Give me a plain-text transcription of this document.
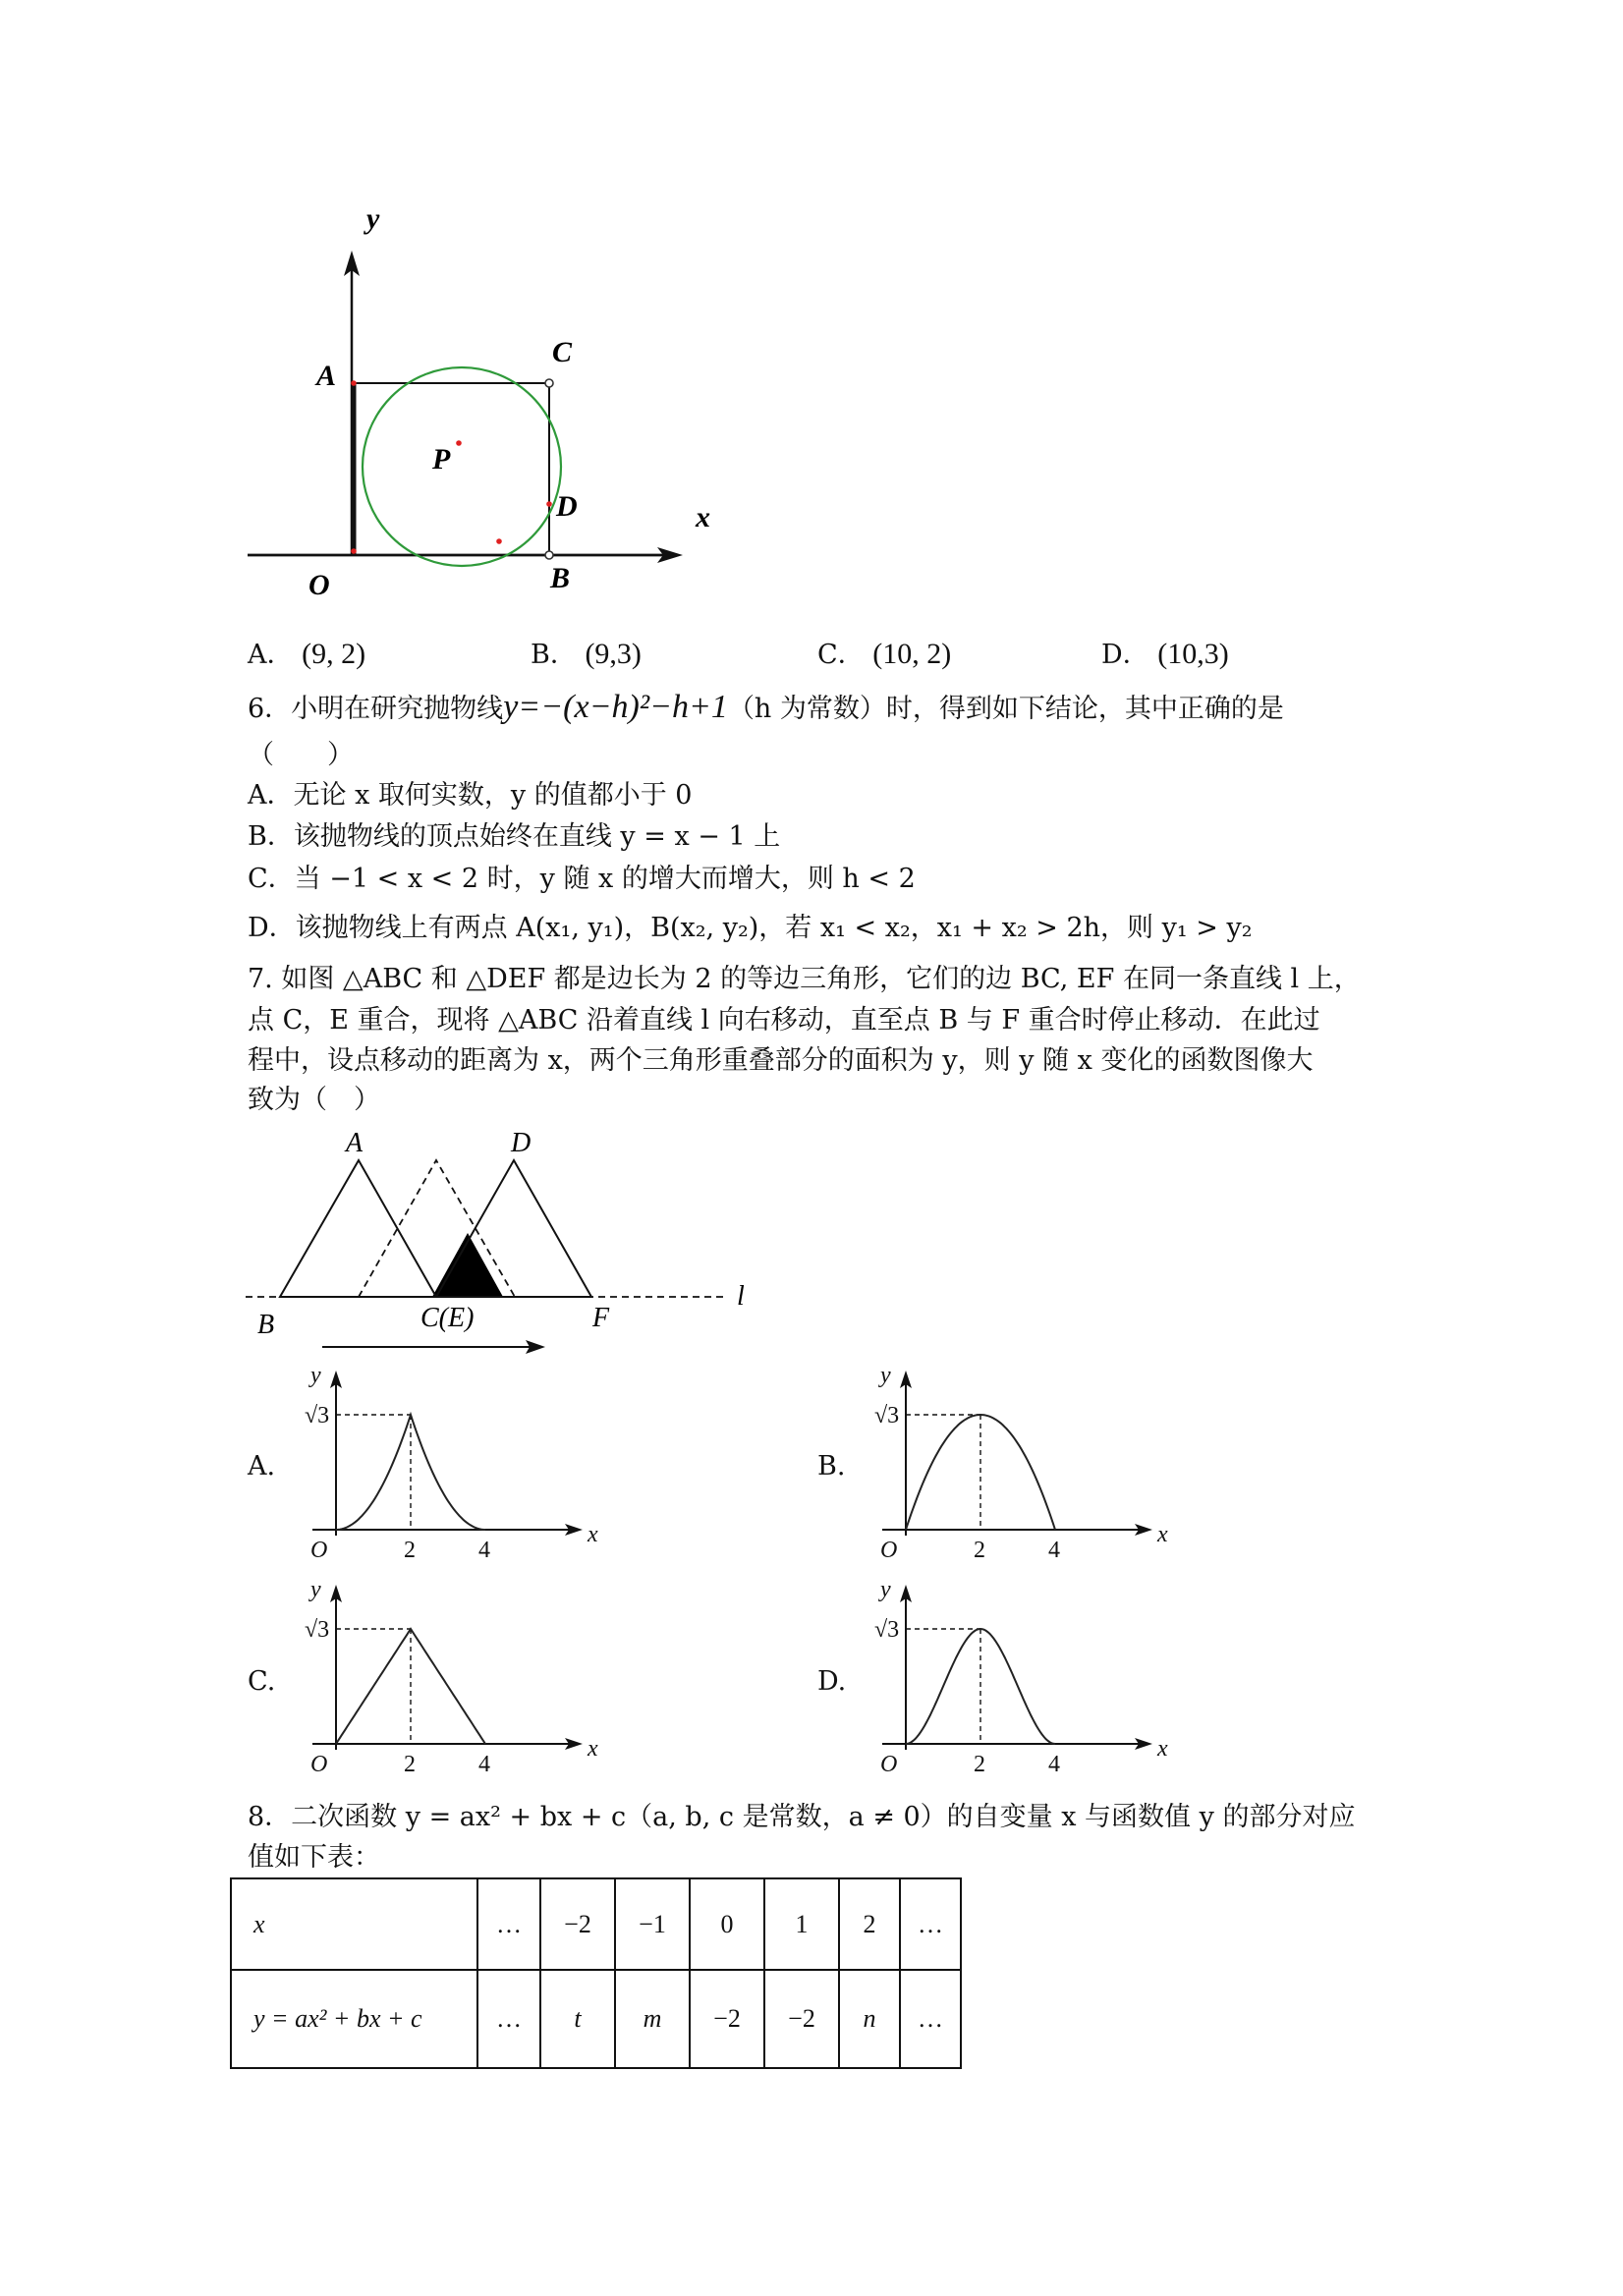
y
x
A
C
P
D
O	B
A． (9, 2)	B． (9,3)	C． (10, 2)	D． (10,3)
6．小明在研究抛物线y=−(x−h)²−h+1（h 为常数）时，得到如下结论，其中正确的是
（　　）
A．无论 x 取何实数，y 的值都小于 0
B．该抛物线的顶点始终在直线 y = x − 1 上
C．当 −1 < x < 2 时，y 随 x 的增大而增大，则 h < 2
D．该抛物线上有两点 A(x₁, y₁)，B(x₂, y₂)，若 x₁ < x₂，x₁ + x₂ > 2h，则 y₁ > y₂
7. 如图 △ABC 和 △DEF 都是边长为 2 的等边三角形，它们的边 BC, EF 在同一条直线 l 上，
点 C，E 重合，现将 △ABC 沿着直线 l 向右移动，直至点 B 与 F 重合时停止移动．在此过
程中，设点移动的距离为 x，两个三角形重叠部分的面积为 y，则 y 随 x 变化的函数图像大
致为（　）
A	D
B	C(E)	F
l
A.	B.
C.	D.
y
x
O
√3
2	4
y
x
O
√3
2	4
y
x
O
√3
2	4
y
x
O
√3
2	4
8．二次函数 y = ax² + bx + c（a, b, c 是常数，a ≠ 0）的自变量 x 与函数值 y 的部分对应
值如下表：
x	…	−2	−1	0	1	2	…
y = ax² + bx + c	…	t	m	−2	−2	n	…
